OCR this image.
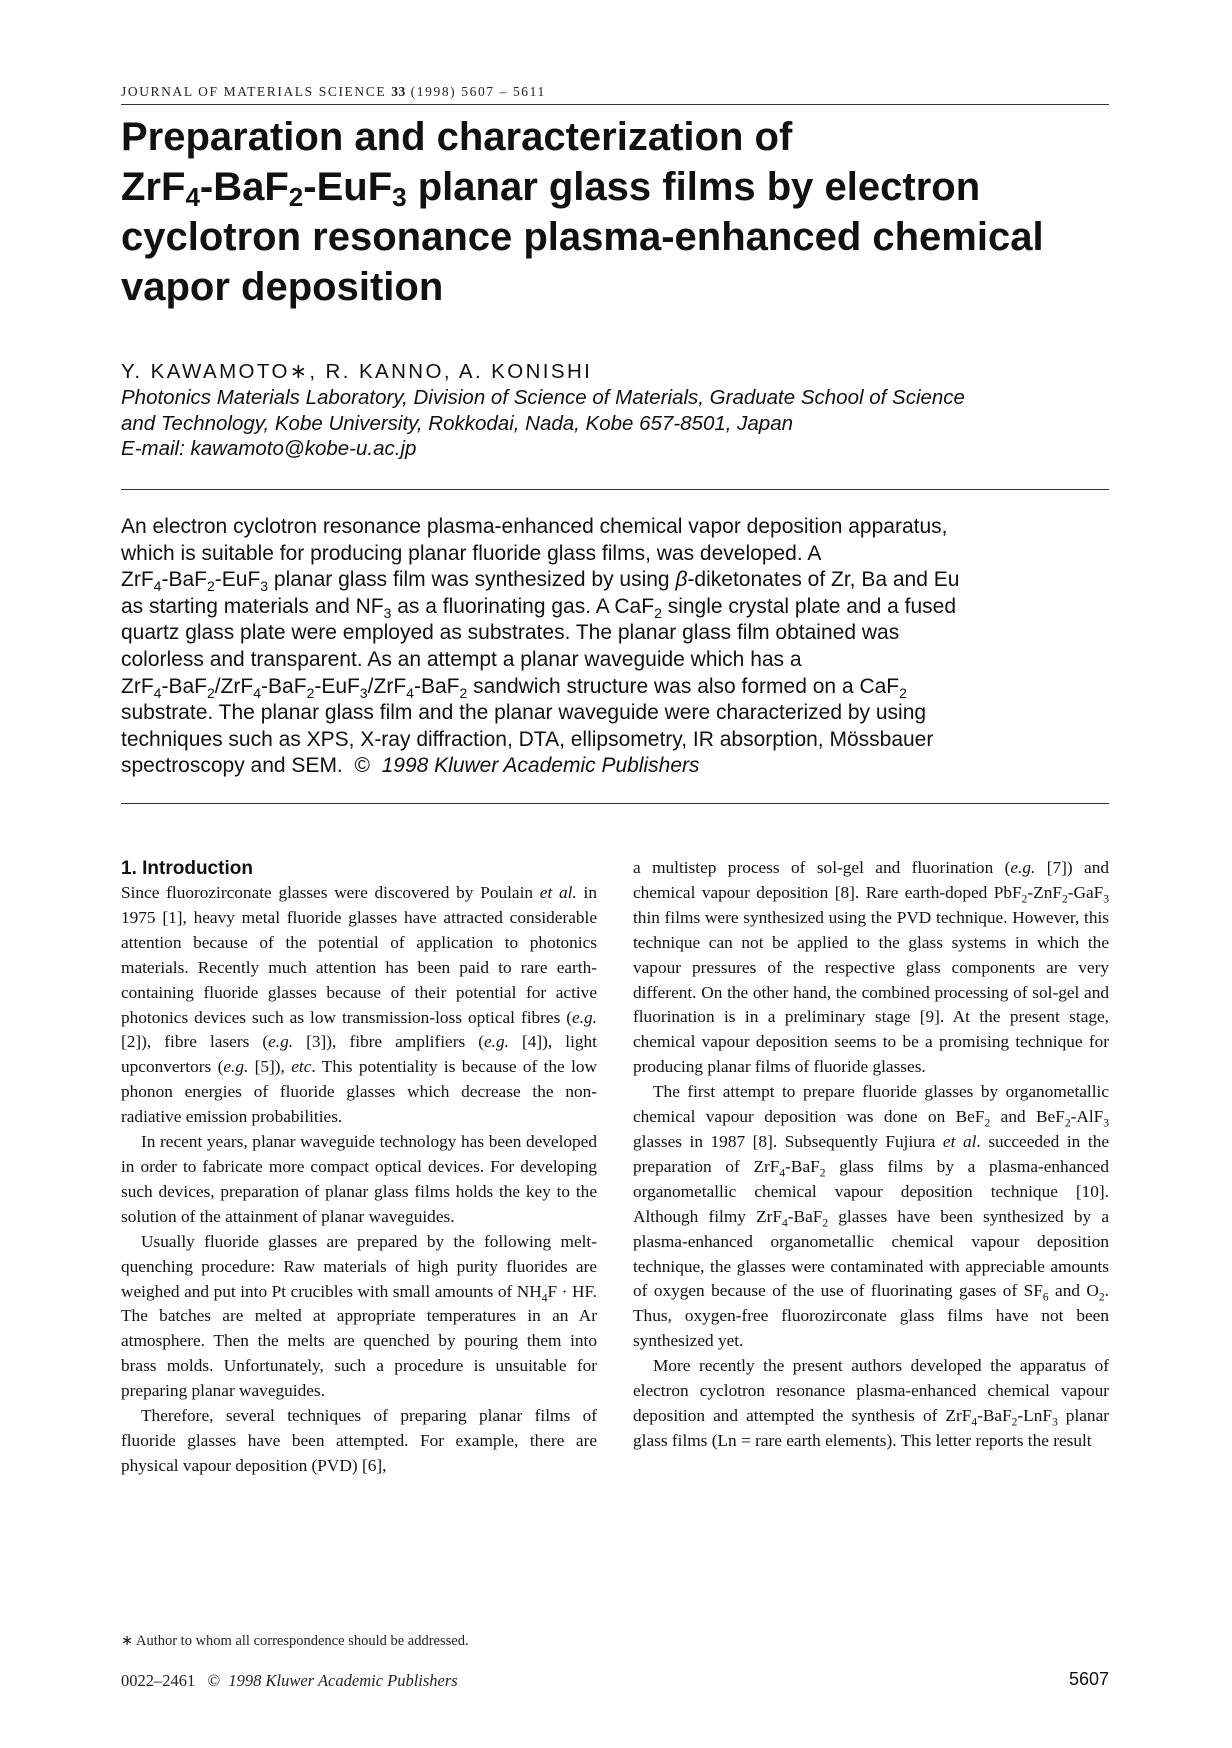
JOURNAL OF MATERIALS SCIENCE 33 (1998) 5607 – 5611
Preparation and characterization of
ZrF$_4$-BaF$_2$-EuF$_3$ planar glass films by electron
cyclotron resonance plasma-enhanced chemical
vapor deposition
Y. KAWAMOTO∗, R. KANNO, A. KONISHI
Photonics Materials Laboratory, Division of Science of Materials, Graduate School of Science
and Technology, Kobe University, Rokkodai, Nada, Kobe 657-8501, Japan
E-mail: kawamoto@kobe-u.ac.jp
An electron cyclotron resonance plasma-enhanced chemical vapor deposition apparatus,
which is suitable for producing planar fluoride glass films, was developed. A
ZrF$_4$-BaF$_2$-EuF$_3$ planar glass film was synthesized by using β-diketonates of Zr, Ba and Eu
as starting materials and $NF_3$ as a fluorinating gas. A CaF$_2$ single crystal plate and a fused
quartz glass plate were employed as substrates. The planar glass film obtained was
colorless and transparent. As an attempt a planar waveguide which has a
ZrF$_4$-BaF$_2$/ZrF$_4$-BaF$_2$-EuF$_3$/ZrF$_4$-BaF$_2$ sandwich structure was also formed on a CaF$_2$
substrate. The planar glass film and the planar waveguide were characterized by using
techniques such as XPS, X-ray diffraction, DTA, ellipsometry, IR absorption, Mössbauer
spectroscopy and SEM. © 1998 Kluwer Academic Publishers
1. Introduction

Since fluorozirconate glasses were discovered by Poulain et al. in 1975 [1], heavy metal fluoride glasses have attracted considerable attention because of the potential of application to photonics materials. Recently much attention has been paid to rare earth-containing fluoride glasses because of their potential for active photonics devices such as low transmission-loss optical fibres (e.g. [2]), fibre lasers (e.g. [3]), fibre amplifiers (e.g. [4]), light upconvertors (e.g. [5]), etc. This potentiality is because of the low phonon energies of fluoride glasses which decrease the non-radiative emission probabilities.

In recent years, planar waveguide technology has been developed in order to fabricate more compact optical devices. For developing such devices, preparation of planar glass films holds the key to the solution of the attainment of planar waveguides.

Usually fluoride glasses are prepared by the following melt-quenching procedure: Raw materials of high purity fluorides are weighed and put into Pt crucibles with small amounts of $NH_4F$ · HF. The batches are melted at appropriate temperatures in an Ar atmosphere. Then the melts are quenched by pouring them into brass molds. Unfortunately, such a procedure is unsuitable for preparing planar waveguides.

Therefore, several techniques of preparing planar films of fluoride glasses have been attempted. For example, there are physical vapour deposition (PVD) [6],

a multistep process of sol-gel and fluorination (e.g. [7]) and chemical vapour deposition [8]. Rare earth-doped PbF$_2$-ZnF$_2$-GaF$_3$ thin films were synthesized using the PVD technique. However, this technique can not be applied to the glass systems in which the vapour pressures of the respective glass components are very different. On the other hand, the combined processing of sol-gel and fluorination is in a preliminary stage [9]. At the present stage, chemical vapour deposition seems to be a promising technique for producing planar films of fluoride glasses.

The first attempt to prepare fluoride glasses by organometallic chemical vapour deposition was done on BeF$_2$ and BeF$_2$-AlF$_3$ glasses in 1987 [8]. Subsequently Fujiura et al. succeeded in the preparation of ZrF$_4$-BaF$_2$ glass films by a plasma-enhanced organometallic chemical vapour deposition technique [10]. Although filmy ZrF$_4$-BaF$_2$ glasses have been synthesized by a plasma-enhanced organometallic chemical vapour deposition technique, the glasses were contaminated with appreciable amounts of oxygen because of the use of fluorinating gases of $SF_6$ and $O_2$. Thus, oxygen-free fluorozirconate glass films have not been synthesized yet.

More recently the present authors developed the apparatus of electron cyclotron resonance plasma-enhanced chemical vapour deposition and attempted the synthesis of ZrF$_4$-BaF$_2$-LnF$_3$ planar glass films (Ln = rare earth elements). This letter reports the result

∗ Author to whom all correspondence should be addressed.
0022–2461 © 1998 Kluwer Academic Publishers	5607
